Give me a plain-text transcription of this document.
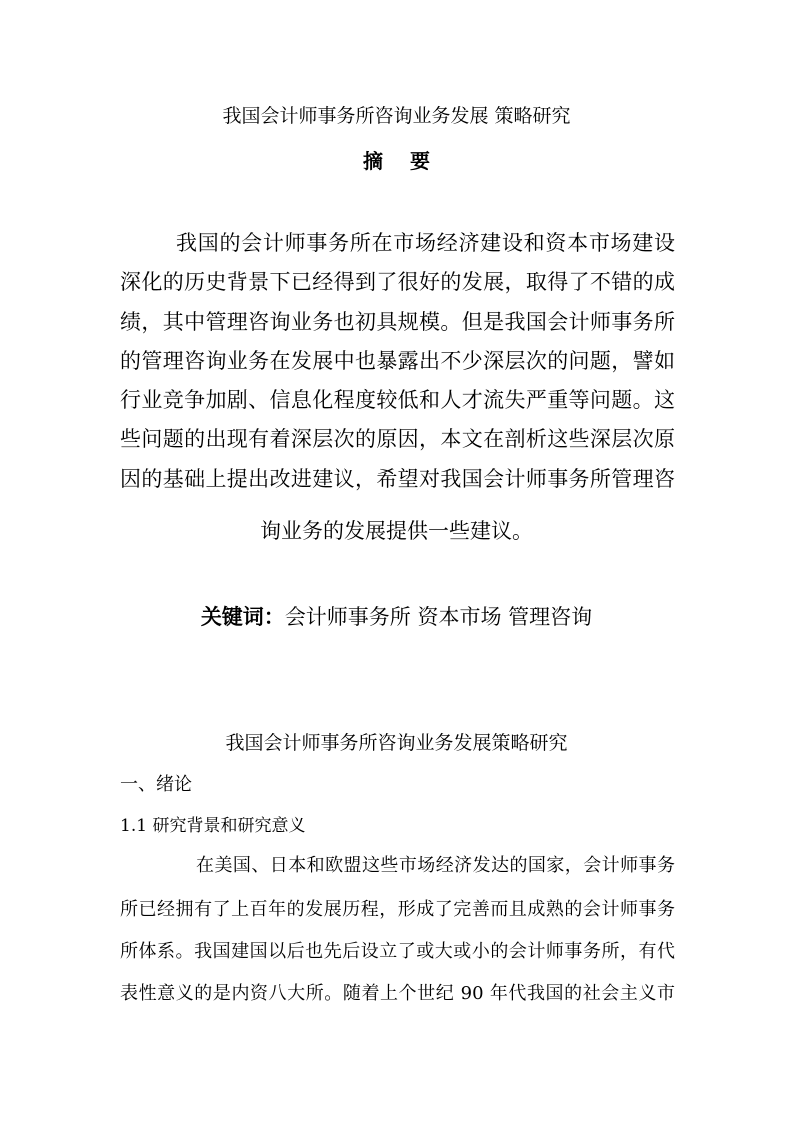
我国会计师事务所咨询业务发展 策略研究
摘 要
我国的会计师事务所在市场经济建设和资本市场建设
深化的历史背景下已经得到了很好的发展，取得了不错的成
绩，其中管理咨询业务也初具规模。但是我国会计师事务所
的管理咨询业务在发展中也暴露出不少深层次的问题，譬如
行业竞争加剧、信息化程度较低和人才流失严重等问题。这
些问题的出现有着深层次的原因，本文在剖析这些深层次原
因的基础上提出改进建议，希望对我国会计师事务所管理咨
询业务的发展提供一些建议。
关键词：会计师事务所 资本市场 管理咨询
我国会计师事务所咨询业务发展策略研究
一、绪论
1.1 研究背景和研究意义
在美国、日本和欧盟这些市场经济发达的国家，会计师事务
所已经拥有了上百年的发展历程，形成了完善而且成熟的会计师事务
所体系。我国建国以后也先后设立了或大或小的会计师事务所，有代
表性意义的是内资八大所。随着上个世纪 90 年代我国的社会主义市
